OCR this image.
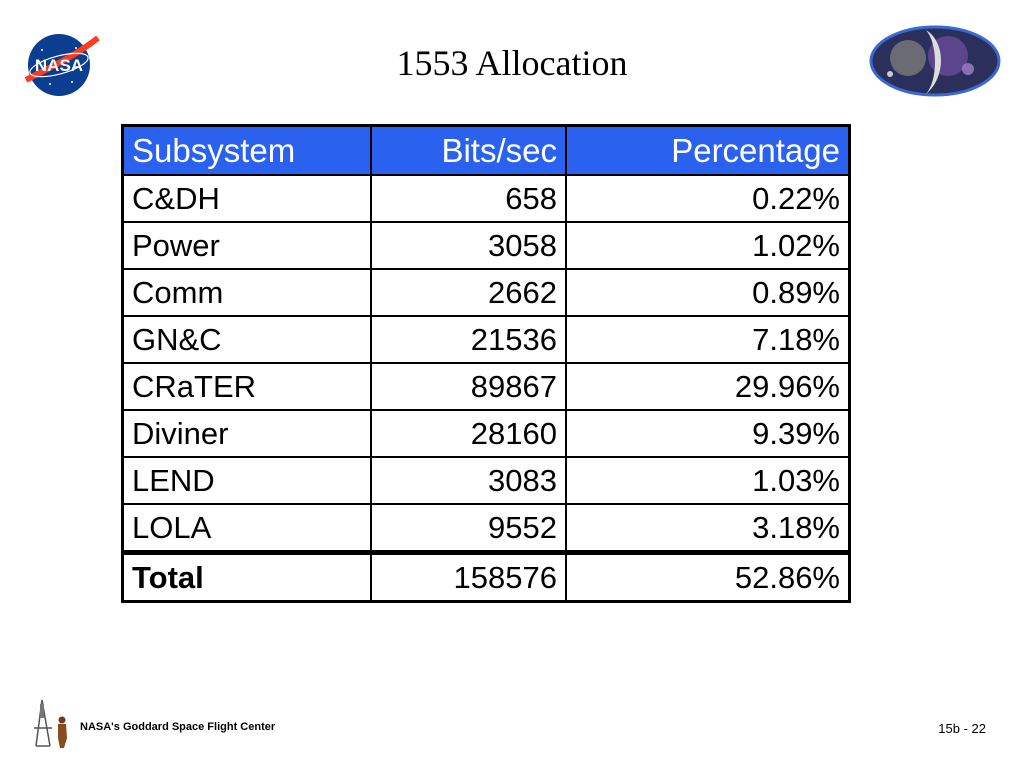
NASA	1553 Allocation
Subsystem	Bits/sec	Percentage
C&DH	658	0.22%
Power	3058	1.02%
Comm	2662	0.89%
GN&C	21536	7.18%
CRaTER	89867	29.96%
Diviner	28160	9.39%
LEND	3083	1.03%
LOLA	9552	3.18%
Total	158576	52.86%
NASA's Goddard Space Flight Center	15b - 22
